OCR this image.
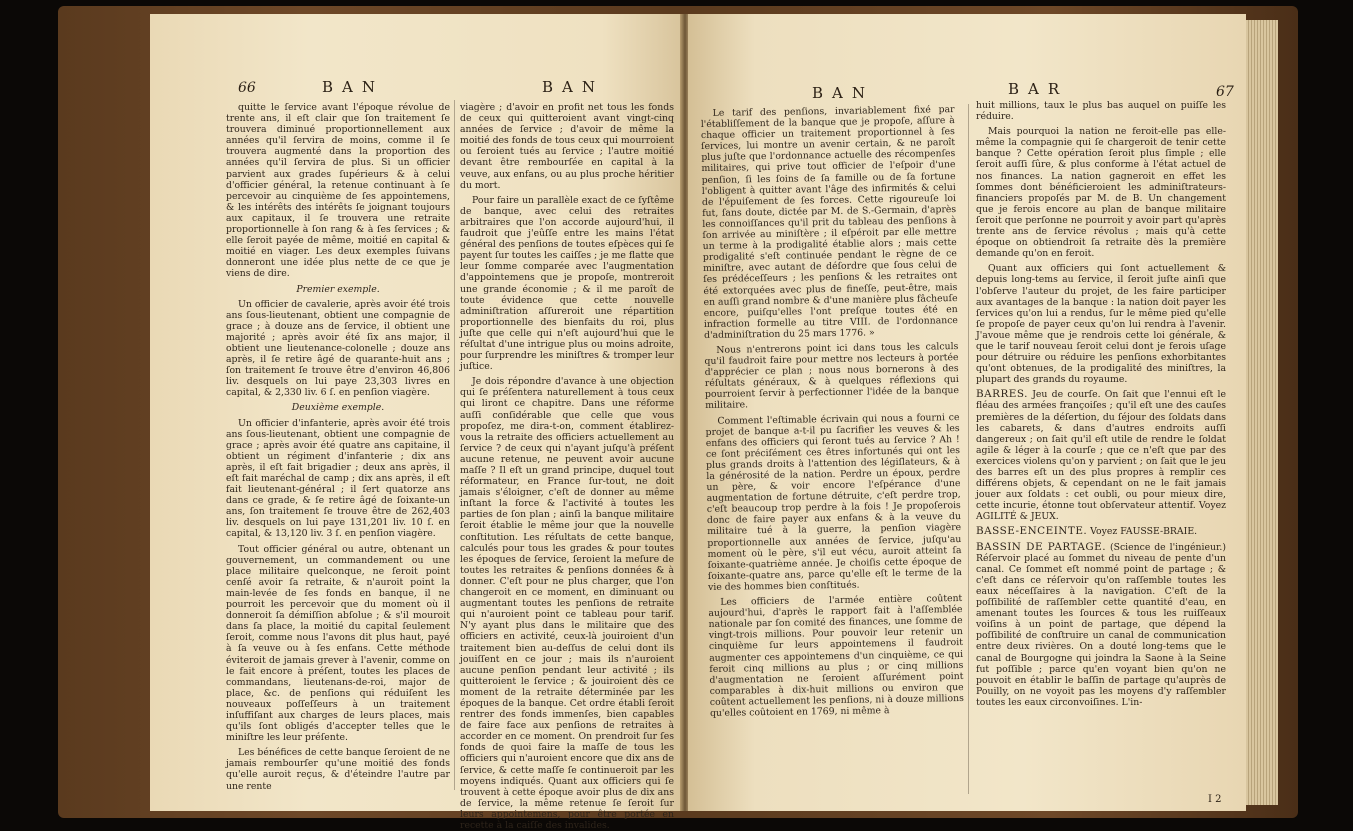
66	BAN	BAN

quitte le ſervice avant l'époque révolue de trente ans, il eſt clair que ſon traitement ſe trouvera diminué proportionnellement aux années qu'il ſervira de moins, comme il ſe trouvera augmenté dans la proportion des années qu'il ſervira de plus. Si un officier parvient aux grades ſupérieurs & à celui d'officier général, la retenue continuant à ſe percevoir au cinquième de ſes appointemens, & les intérêts des intérêts ſe joignant toujours aux capitaux, il ſe trouvera une retraite proportionnelle à ſon rang & à ſes ſervices ; & elle ſeroit payée de même, moitié en capital & moitié en viager. Les deux exemples ſuivans donneront une idée plus nette de ce que je viens de dire.

Premier exemple.

Un officier de cavalerie, après avoir été trois ans ſous-lieutenant, obtient une compagnie de grace ; à douze ans de ſervice, il obtient une majorité ; après avoir été ſix ans major, il obtient une lieutenance-colonelle ; douze ans après, il ſe retire âgé de quarante-huit ans ; ſon traitement ſe trouve être d'environ 46,806 liv. desquels on lui paye 23,303 livres en capital, & 2,330 liv. 6 ſ. en penſion viagère.

Deuxième exemple.

Un officier d'infanterie, après avoir été trois ans ſous-lieutenant, obtient une compagnie de grace ; après avoir été quatre ans capitaine, il obtient un régiment d'infanterie ; dix ans après, il eſt fait brigadier ; deux ans après, il eſt fait maréchal de camp ; dix ans après, il eſt fait lieutenant-général ; il ſert quatorze ans dans ce grade, & ſe retire âgé de ſoixante-un ans, ſon traitement ſe trouve être de 262,403 liv. desquels on lui paye 131,201 liv. 10 ſ. en capital, & 13,120 liv. 3 ſ. en penſion viagère.

Tout officier général ou autre, obtenant un gouvernement, un commandement ou une place militaire quelconque, ne ſeroit point cenſé avoir ſa retraite, & n'auroit point la main-levée de ſes fonds en banque, il ne pourroit les percevoir que du moment où il donneroit ſa démiſſion abſolue ; & s'il mouroit dans ſa place, la moitié du capital ſeulement ſeroit, comme nous l'avons dit plus haut, payé à ſa veuve ou à ſes enfans. Cette méthode éviteroit de jamais grever à l'avenir, comme on le fait encore à préſent, toutes les places de commandans, lieutenans-de-roi, major de place, &c. de penſions qui réduiſent les nouveaux poſſeſſeurs à un traitement inſuffiſant aux charges de leurs places, mais qu'ils ſont obligés d'accepter telles que le miniſtre les leur préſente.

Les bénéfices de cette banque ſeroient de ne jamais rembourſer qu'une moitié des fonds qu'elle auroit reçus, & d'éteindre l'autre par une rente

viagère ; d'avoir en profit net tous les fonds de ceux qui quitteroient avant vingt-cinq années de ſervice ; d'avoir de même la moitié des fonds de tous ceux qui mourroient ou ſeroient tués au ſervice ; l'autre moitié devant être rembourſée en capital à la veuve, aux enfans, ou au plus proche héritier du mort.

Pour faire un parallèle exact de ce ſyſtême de banque, avec celui des retraites arbitraires que l'on accorde aujourd'hui, il faudroit que j'eûſſe entre les mains l'état général des penſions de toutes eſpèces qui ſe payent ſur toutes les caiſſes ; je me flatte que leur ſomme comparée avec l'augmentation d'appointemens que je propoſe, montreroit une grande économie ; & il me paroît de toute évidence que cette nouvelle adminiſtration aſſureroit une répartition proportionnelle des bienfaits du roi, plus juſte que celle qui n'eſt aujourd'hui que le réſultat d'une intrigue plus ou moins adroite, pour ſurprendre les miniſtres & tromper leur juſtice.

Je dois répondre d'avance à une objection qui ſe préſentera naturellement à tous ceux qui liront ce chapitre. Dans une réforme auſſi conſidérable que celle que vous propoſez, me dira-t-on, comment établirez-vous la retraite des officiers actuellement au ſervice ? de ceux qui n'ayant juſqu'à préſent aucune retenue, ne peuvent avoir aucune maſſe ? Il eſt un grand principe, duquel tout réformateur, en France ſur-tout, ne doit jamais s'éloigner, c'eſt de donner au même inſtant la force & l'activité à toutes les parties de ſon plan ; ainſi la banque militaire ſeroit établie le même jour que la nouvelle conſtitution. Les réſultats de cette banque, calculés pour tous les grades & pour toutes les époques de ſervice, ſeroient la meſure de toutes les retraites & penſions données & à donner. C'eſt pour ne plus charger, que l'on changeroit en ce moment, en diminuant ou augmentant toutes les penſions de retraite qui n'auroient point ce tableau pour tarif. N'y ayant plus dans le militaire que des officiers en activité, ceux-là jouiroient d'un traitement bien au-deſſus de celui dont ils jouiſſent en ce jour ; mais ils n'auroient aucune penſion pendant leur activité ; ils quitteroient le ſervice ; & jouiroient dès ce moment de la retraite déterminée par les époques de la banque. Cet ordre établi ſeroit rentrer des fonds immenſes, bien capables de faire face aux penſions de retraites à accorder en ce moment. On prendroit ſur ſes fonds de quoi faire la maſſe de tous les officiers qui n'auroient encore que dix ans de ſervice, & cette maſſe ſe continueroit par les moyens indiqués. Quant aux officiers qui ſe trouvent à cette époque avoir plus de dix ans de ſervice, la même retenue ſe ſeroit ſur leurs appointemens, pour être portée en recette à la caiſſe des invalides.

BAN	BAR	67

Le tarif des penſions, invariablement fixé par l'établiſſement de la banque que je propoſe, aſſure à chaque officier un traitement proportionnel à ſes ſervices, lui montre un avenir certain, & ne paroît plus juſte que l'ordonnance actuelle des récompenſes militaires, qui prive tout officier de l'eſpoir d'une penſion, ſi les ſoins de ſa famille ou de ſa fortune l'obligent à quitter avant l'âge des infirmités & celui de l'épuiſement de ſes forces. Cette rigoureuſe loi fut, ſans doute, dictée par M. de S.-Germain, d'après les connoiſſances qu'il prit du tableau des penſions à ſon arrivée au miniſtère ; il eſpéroit par elle mettre un terme à la prodigalité établie alors ; mais cette prodigalité s'eſt continuée pendant le règne de ce miniſtre, avec autant de déſordre que ſous celui de ſes prédéceſſeurs ; les penſions & les retraites ont été extorquées avec plus de fineſſe, peut-être, mais en auſſi grand nombre & d'une manière plus fâcheuſe encore, puiſqu'elles l'ont preſque toutes été en infraction formelle au titre VIII. de l'ordonnance d'adminiſtration du 25 mars 1776. »

Nous n'entrerons point ici dans tous les calculs qu'il faudroit faire pour mettre nos lecteurs à portée d'apprécier ce plan ; nous nous bornerons à des réſultats généraux, & à quelques réflexions qui pourroient ſervir à perfectionner l'idée de la banque militaire.

Comment l'eſtimable écrivain qui nous a fourni ce projet de banque a-t-il pu ſacrifier les veuves & les enfans des officiers qui ſeront tués au ſervice ? Ah ! ce ſont préciſément ces êtres infortunés qui ont les plus grands droits à l'attention des légiſlateurs, & à la générosité de la nation. Perdre un époux, perdre un père, & voir encore l'eſpérance d'une augmentation de fortune détruite, c'eſt perdre trop, c'eſt beaucoup trop perdre à la fois ! Je propoſerois donc de faire payer aux enfans & à la veuve du militaire tué à la guerre, la penſion viagère proportionnelle aux années de ſervice, juſqu'au moment où le père, s'il eut vécu, auroit atteint ſa ſoixante-quatrième année. Je choiſis cette époque de ſoixante-quatre ans, parce qu'elle eſt le terme de la vie des hommes bien conſtitués.

Les officiers de l'armée entière coûtent aujourd'hui, d'après le rapport fait à l'aſſemblée nationale par ſon comité des finances, une ſomme de vingt-trois millions. Pour pouvoir leur retenir un cinquième ſur leurs appointemens il faudroit augmenter ces appointemens d'un cinquième, ce qui feroit cinq millions au plus ; or cinq millions d'augmentation ne ſeroient aſſurément point comparables à dix-huit millions ou environ que coûtent actuellement les penſions, ni à douze millions qu'elles coûtoient en 1769, ni même à

huit millions, taux le plus bas auquel on puiſſe les réduire.

Mais pourquoi la nation ne feroit-elle pas elle-même la compagnie qui ſe chargeroit de tenir cette banque ? Cette opération ſeroit plus ſimple ; elle ſeroit auſſi ſûre, & plus conforme à l'état actuel de nos finances. La nation gagneroit en effet les ſommes dont bénéficieroient les adminiſtrateurs-financiers propoſés par M. de B. Un changement que je ferois encore au plan de banque militaire ſeroit que perſonne ne pourroit y avoir part qu'après trente ans de ſervice révolus ; mais qu'à cette époque on obtiendroit ſa retraite dès la première demande qu'on en feroit.

Quant aux officiers qui ſont actuellement & depuis long-tems au ſervice, il ſeroit juſte ainſi que l'obſerve l'auteur du projet, de les faire participer aux avantages de la banque : la nation doit payer les ſervices qu'on lui a rendus, ſur le même pied qu'elle ſe propoſe de payer ceux qu'on lui rendra à l'avenir. J'avoue même que je rendrois cette loi générale, & que le tarif nouveau ſeroit celui dont je ferois uſage pour détruire ou réduire les penſions exhorbitantes qu'ont obtenues, de la prodigalité des miniſtres, la plupart des grands du royaume.

BARRES. Jeu de courſe. On ſait que l'ennui eſt le fléau des armées françoiſes ; qu'il eſt une des cauſes premières de la déſertion, du ſéjour des ſoldats dans les cabarets, & dans d'autres endroits auſſi dangereux ; on ſait qu'il eſt utile de rendre le ſoldat agile & léger à la courſe ; que ce n'eſt que par des exercices violens qu'on y parvient ; on ſait que le jeu des barres eſt un des plus propres à remplir ces différens objets, & cependant on ne le fait jamais jouer aux ſoldats : cet oubli, ou pour mieux dire, cette incurie, étonne tout obſervateur attentif. Voyez AGILITÉ & JEUX.

BASSE-ENCEINTE. Voyez FAUSSE-BRAIE.

BASSIN DE PARTAGE. (Science de l'ingénieur.) Réſervoir placé au ſommet du niveau de pente d'un canal. Ce ſommet eſt nommé point de partage ; & c'eſt dans ce réſervoir qu'on raſſemble toutes les eaux néceſſaires à la navigation. C'eſt de la poſſibilité de raſſembler cette quantité d'eau, en amenant toutes les ſources & tous les ruiſſeaux voiſins à un point de partage, que dépend la poſſibilité de conſtruire un canal de communication entre deux rivières. On a douté long-tems que le canal de Bourgogne qui joindra la Saone à la Seine fut poſſible ; parce qu'en voyant bien qu'on ne pouvoit en établir le baſſin de partage qu'auprès de Pouilly, on ne voyoit pas les moyens d'y raſſembler toutes les eaux circonvoiſines. L'in-

I 2
